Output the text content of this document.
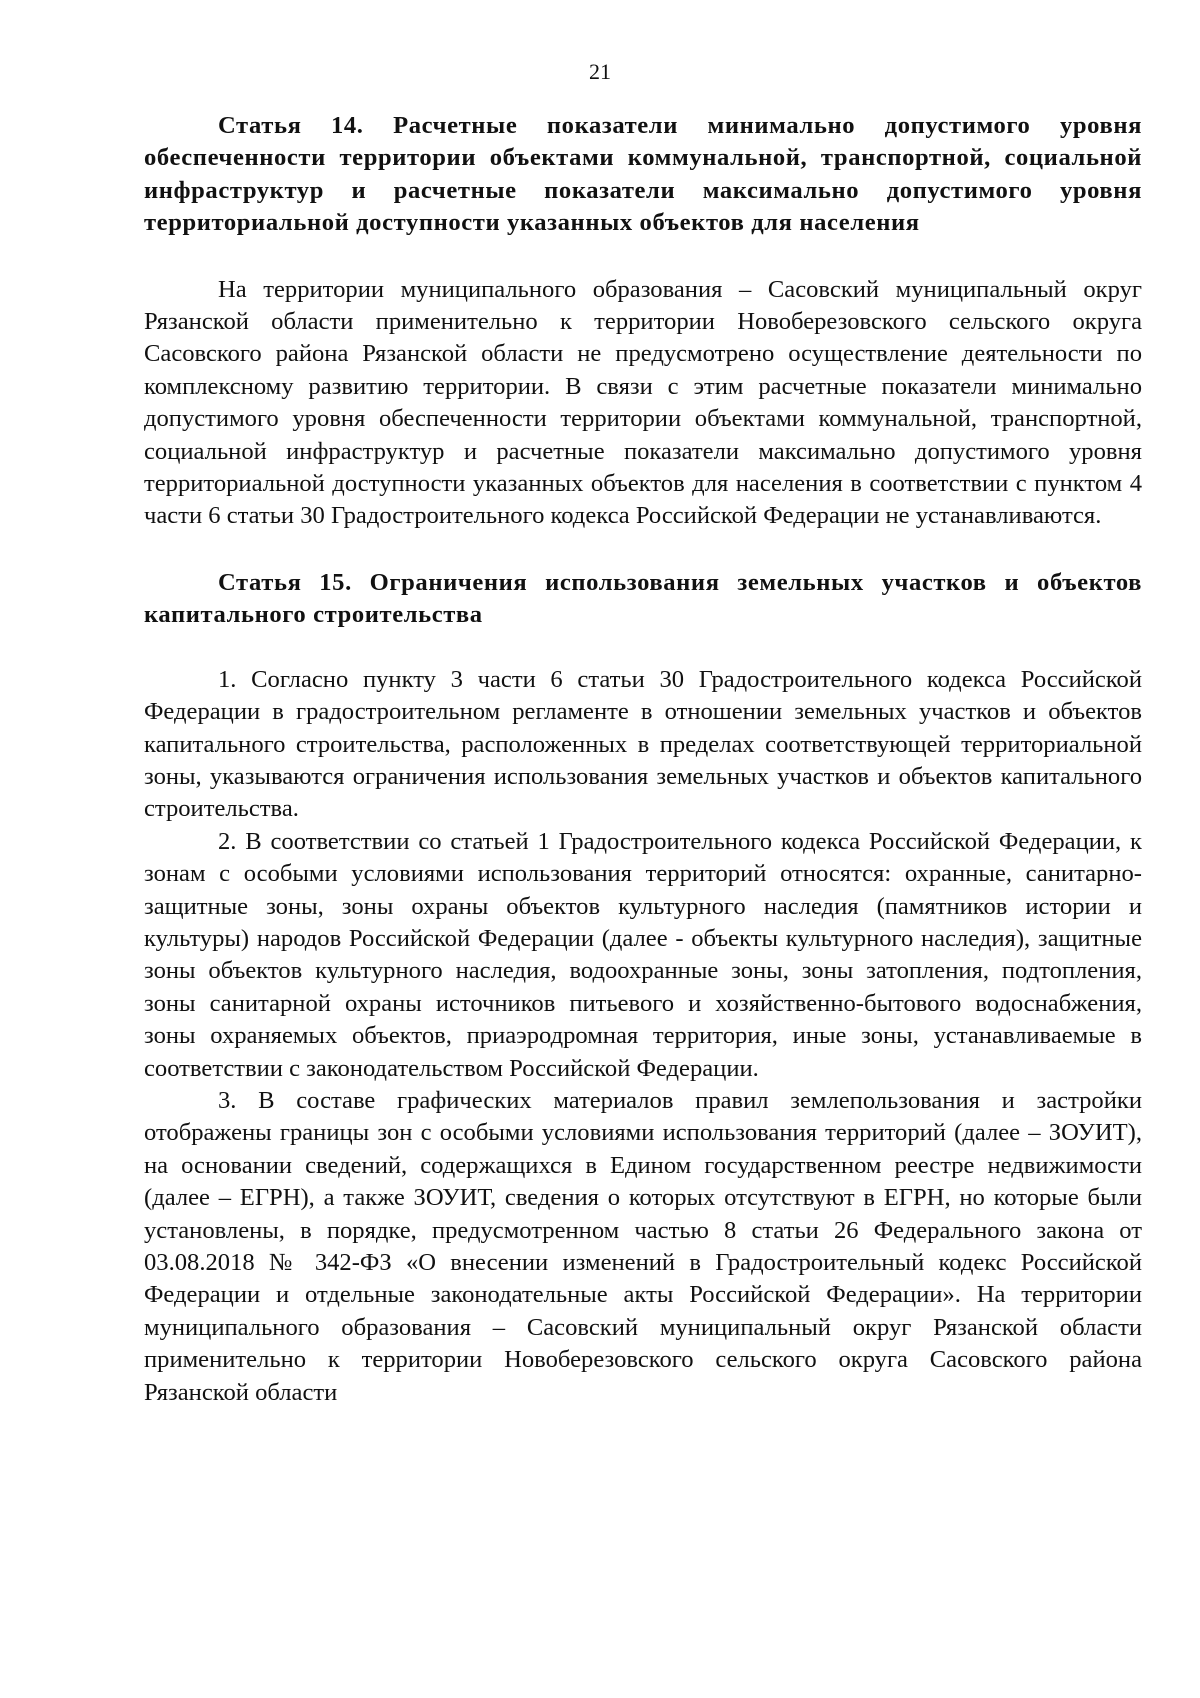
21

Статья 14. Расчетные показатели минимально допустимого уровня обеспеченности территории объектами коммунальной, транспортной, социальной инфраструктур и расчетные показатели максимально допустимого уровня территориальной доступности указанных объектов для населения

На территории муниципального образования – Сасовский муниципальный округ Рязанской области применительно к территории Новоберезовского сельского округа Сасовского района Рязанской области не предусмотрено осуществление деятельности по комплексному развитию территории. В связи с этим расчетные показатели минимально допустимого уровня обеспеченности территории объектами коммунальной, транспортной, социальной инфраструктур и расчетные показатели максимально допустимого уровня территориальной доступности указанных объектов для населения в соответствии с пунктом 4 части 6 статьи 30 Градостроительного кодекса Российской Федерации не устанавливаются.

Статья 15. Ограничения использования земельных участков и объектов капитального строительства

1. Согласно пункту 3 части 6 статьи 30 Градостроительного кодекса Российской Федерации в градостроительном регламенте в отношении земельных участков и объектов капитального строительства, расположенных в пределах соответствующей территориальной зоны, указываются ограничения использования земельных участков и объектов капитального строительства.

2. В соответствии со статьей 1 Градостроительного кодекса Российской Федерации, к зонам с особыми условиями использования территорий относятся: охранные, санитарно-защитные зоны, зоны охраны объектов культурного наследия (памятников истории и культуры) народов Российской Федерации (далее - объекты культурного наследия), защитные зоны объектов культурного наследия, водоохранные зоны, зоны затопления, подтопления, зоны санитарной охраны источников питьевого и хозяйственно-бытового водоснабжения, зоны охраняемых объектов, приаэродромная территория, иные зоны, устанавливаемые в соответствии с законодательством Российской Федерации.

3. В составе графических материалов правил землепользования и застройки отображены границы зон с особыми условиями использования территорий (далее – ЗОУИТ), на основании сведений, содержащихся в Едином государственном реестре недвижимости (далее – ЕГРН), а также ЗОУИТ, сведения о которых отсутствуют в ЕГРН, но которые были установлены, в порядке, предусмотренном частью 8 статьи 26 Федерального закона от 03.08.2018 № 342-ФЗ «О внесении изменений в Градостроительный кодекс Российской Федерации и отдельные законодательные акты Российской Федерации». На территории муниципального образования – Сасовский муниципальный округ Рязанской области применительно к территории Новоберезовского сельского округа Сасовского района Рязанской области
